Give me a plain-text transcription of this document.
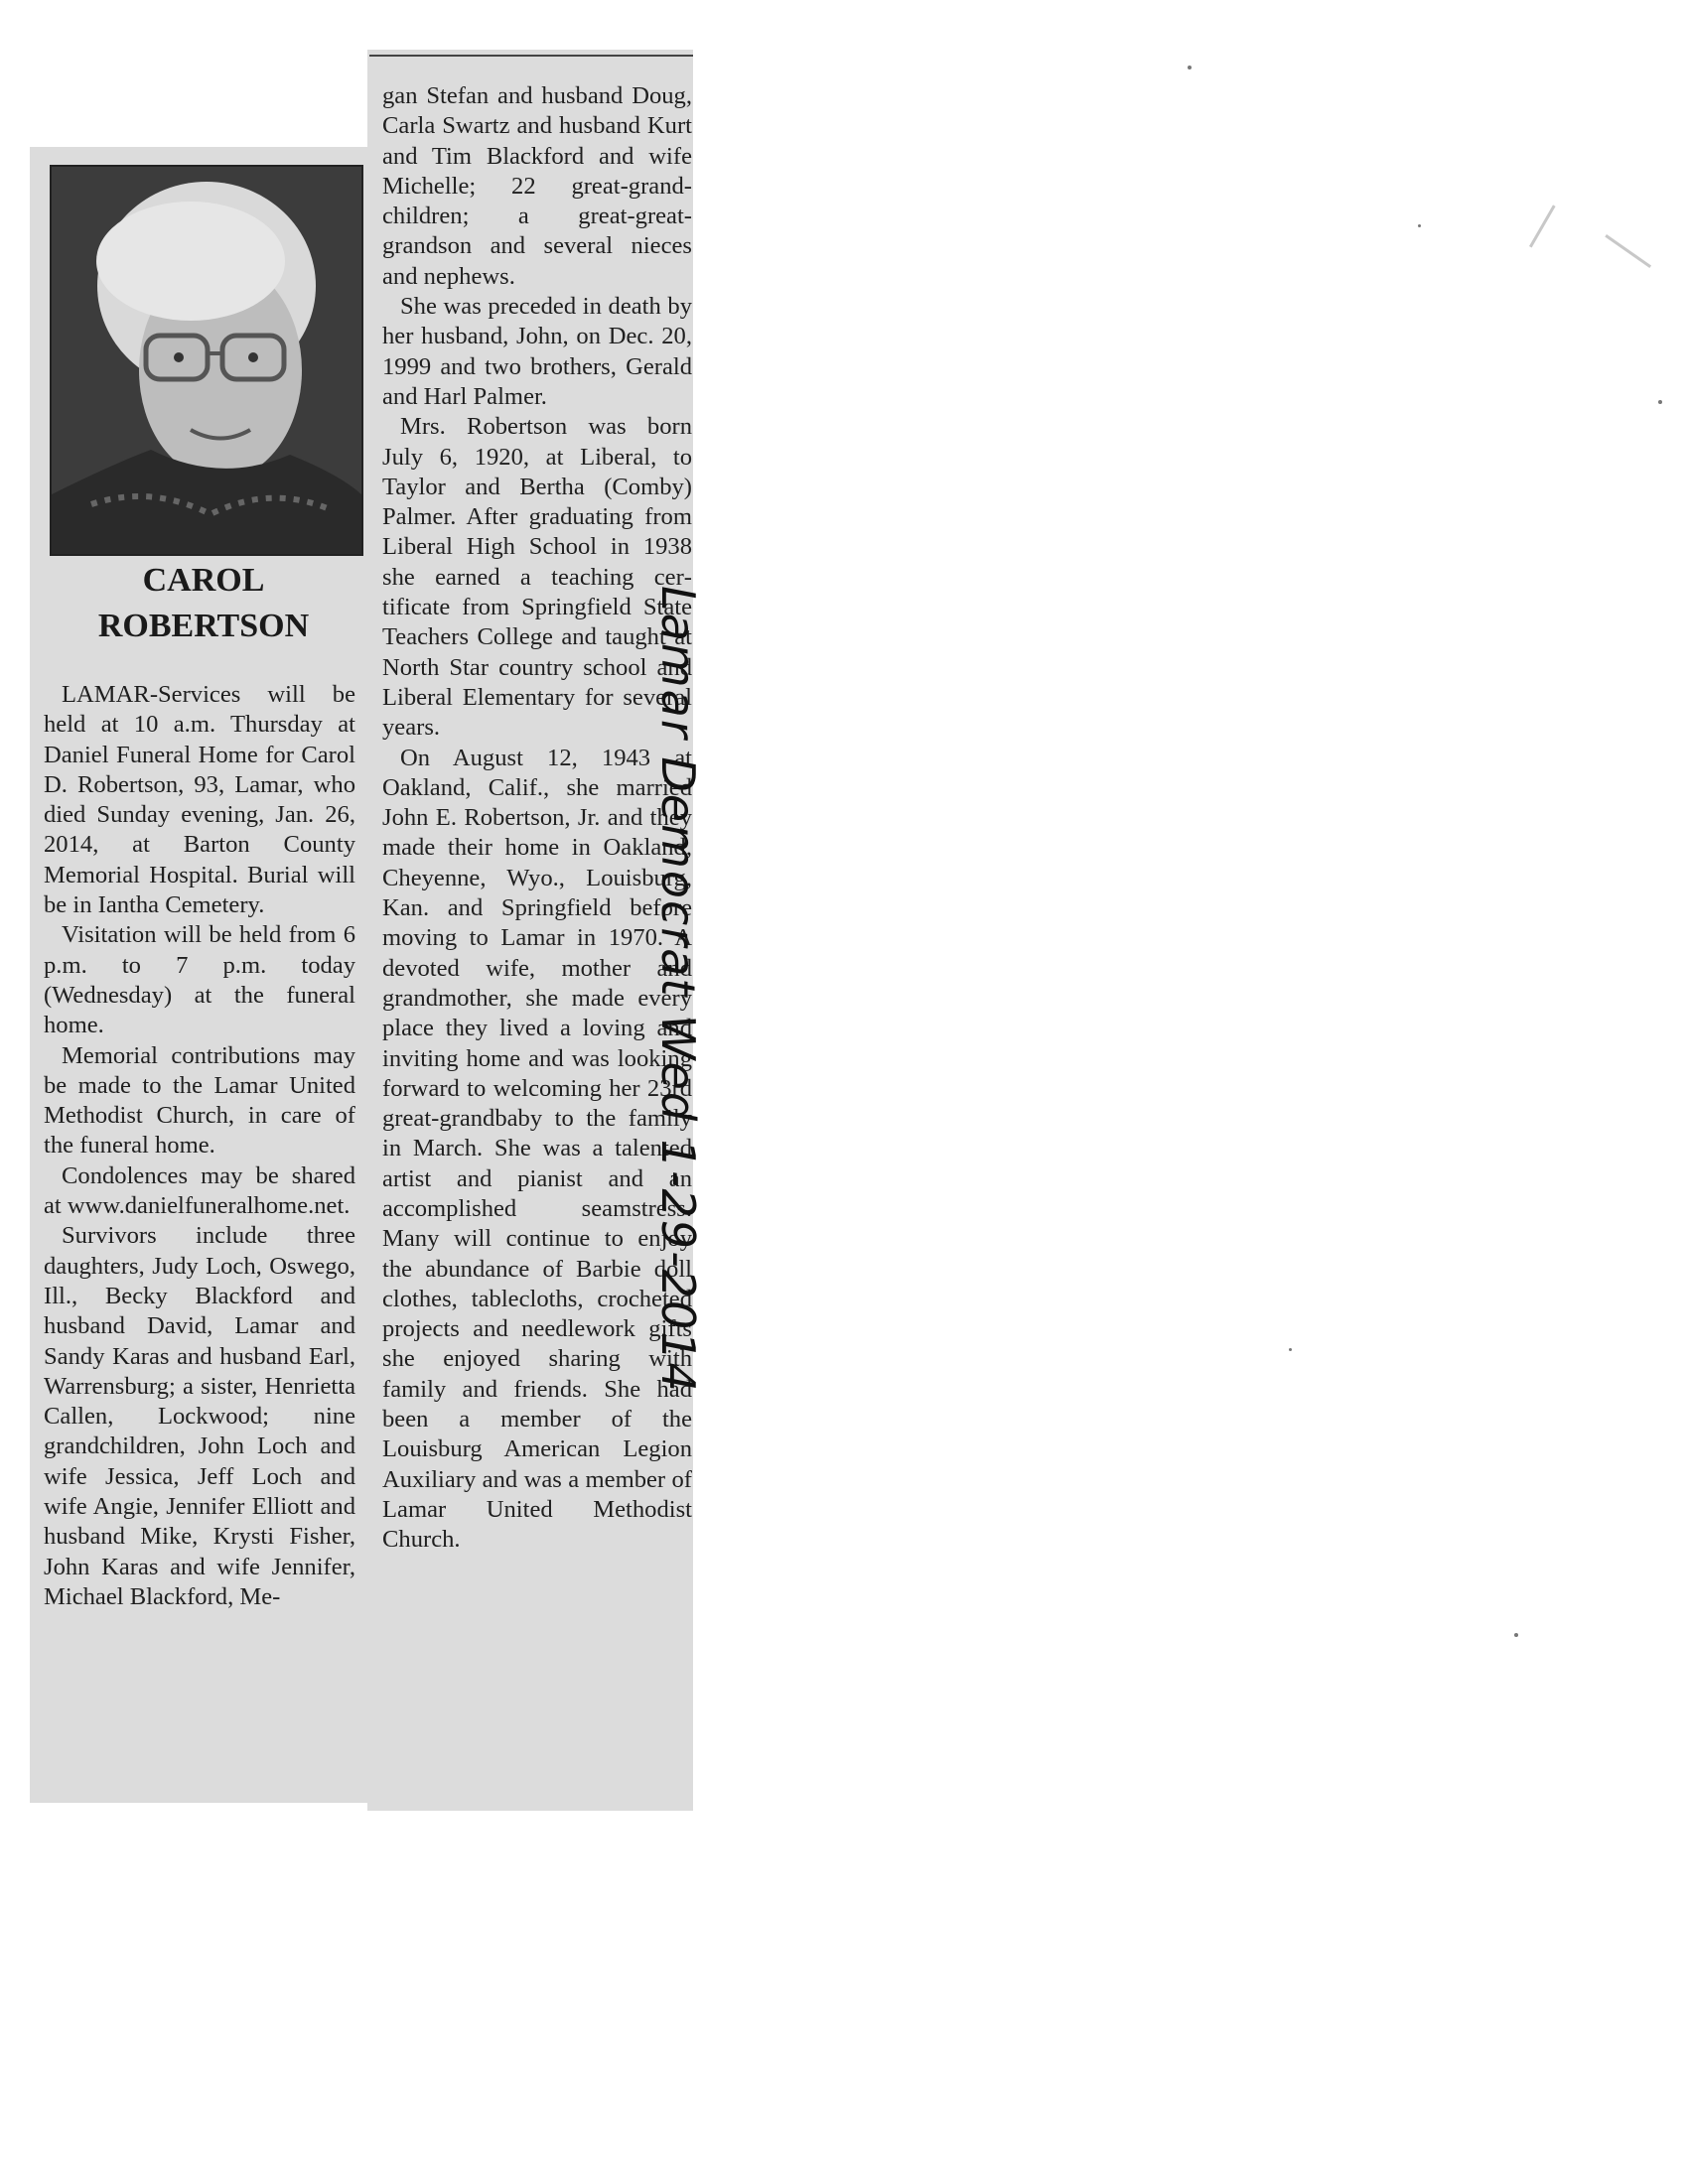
CAROL
ROBERTSON

LAMAR-Services will be held at 10 a.m. Thursday at Daniel Funeral Home for Carol D. Robertson, 93, Lamar, who died Sunday evening, Jan. 26, 2014, at Barton County Memorial Hospital. Burial will be in Iantha Cemetery.

Visitation will be held from 6 p.m. to 7 p.m. today (Wednesday) at the funeral home.

Memorial contributions may be made to the Lamar United Methodist Church, in care of the funeral home.

Condolences may be shared at www.danielfuneralhome.net.

Survivors include three daughters, Judy Loch, Oswego, Ill., Becky Blackford and husband David, Lamar and Sandy Karas and husband Earl, Warrensburg; a sister, Henrietta Callen, Lockwood; nine grandchildren, John Loch and wife Jessica, Jeff Loch and wife Angie, Jennifer Elliott and husband Mike, Krysti Fisher, John Karas and wife Jennifer, Michael Blackford, Me-

gan Stefan and husband Doug, Carla Swartz and husband Kurt and Tim Blackford and wife Michelle; 22 great-grandchildren; a great-great-grandson and several nieces and nephews.

She was preceded in death by her husband, John, on Dec. 20, 1999 and two brothers, Gerald and Harl Palmer.

Mrs. Robertson was born July 6, 1920, at Liberal, to Taylor and Bertha (Comby) Palmer. After graduating from Liberal High School in 1938 she earned a teaching certificate from Springfield State Teachers College and taught at North Star country school and Liberal Elementary for several years.

On August 12, 1943 at Oakland, Calif., she married John E. Robertson, Jr. and they made their home in Oakland, Cheyenne, Wyo., Louisburg, Kan. and Springfield before moving to Lamar in 1970. A devoted wife, mother and grandmother, she made every place they lived a loving and inviting home and was looking forward to welcoming her 23rd great-grandbaby to the family in March. She was a talented artist and pianist and an accomplished seamstress. Many will continue to enjoy the abundance of Barbie doll clothes, tablecloths, crocheted projects and needlework gifts she enjoyed sharing with family and friends. She had been a member of the Louisburg American Legion Auxiliary and was a member of Lamar United Methodist Church.

Lamar Democrat Wed 1-29-2014
